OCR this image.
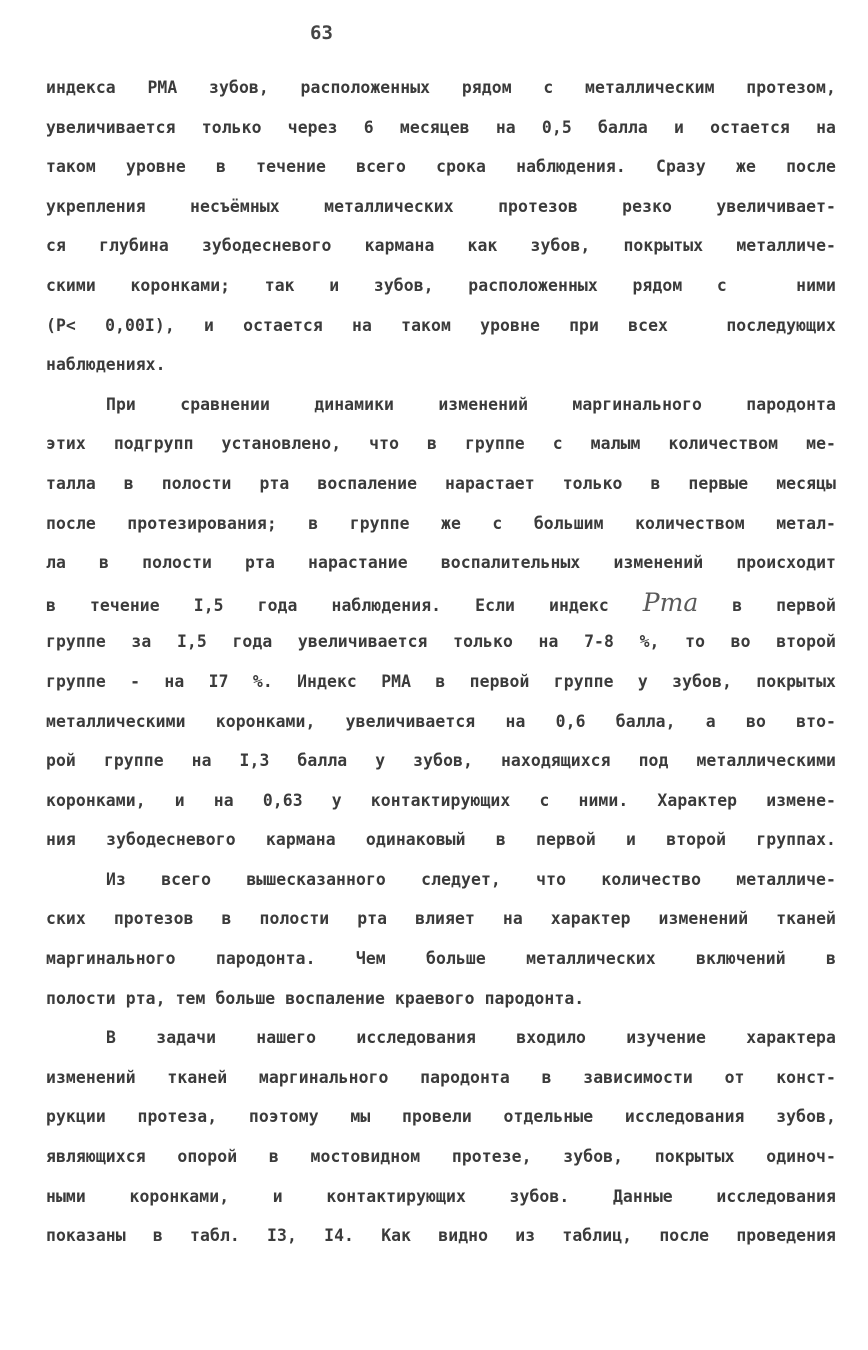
63
индекса РМА зубов, расположенных рядом с металлическим протезом,
увеличивается только через 6 месяцев на 0,5 балла и остается на
таком уровне в течение всего срока наблюдения. Сразу же после
укрепления несъёмных металлических протезов резко увеличивает-
ся глубина зубодесневого кармана как зубов, покрытых металличе-
скими коронками; так и зубов, расположенных рядом с  ними
(Р< 0,00I), и остается на таком уровне при всех  последующих
наблюдениях.
При сравнении динамики изменений маргинального пародонта
этих подгрупп установлено, что в группе с малым количеством ме-
талла в полости рта воспаление нарастает только в первые месяцы
после протезирования; в группе же с большим количеством метал-
ла в полости рта нарастание воспалительных изменений происходит
в течение I,5 года наблюдения. Если индекс Pma в первой
группе за I,5 года увеличивается только на 7-8 %, то во второй
группе - на I7 %. Индекс РМА в первой группе у зубов, покрытых
металлическими коронками, увеличивается на 0,6 балла, а во вто-
рой группе на I,3 балла у зубов, находящихся под металлическими
коронками, и на 0,63 у контактирующих с ними. Характер измене-
ния зубодесневого кармана одинаковый в первой и второй группах.
Из всего вышесказанного следует, что количество металличе-
ских протезов в полости рта влияет на характер изменений тканей
маргинального пародонта. Чем больше металлических включений в
полости рта, тем больше воспаление краевого пародонта.
В задачи нашего исследования входило изучение характера
изменений тканей маргинального пародонта в зависимости от конст-
рукции протеза, поэтому мы провели отдельные исследования зубов,
являющихся опорой в мостовидном протезе, зубов, покрытых одиноч-
ными коронками, и контактирующих зубов. Данные исследования
показаны в табл. I3, I4. Как видно из таблиц, после проведения
